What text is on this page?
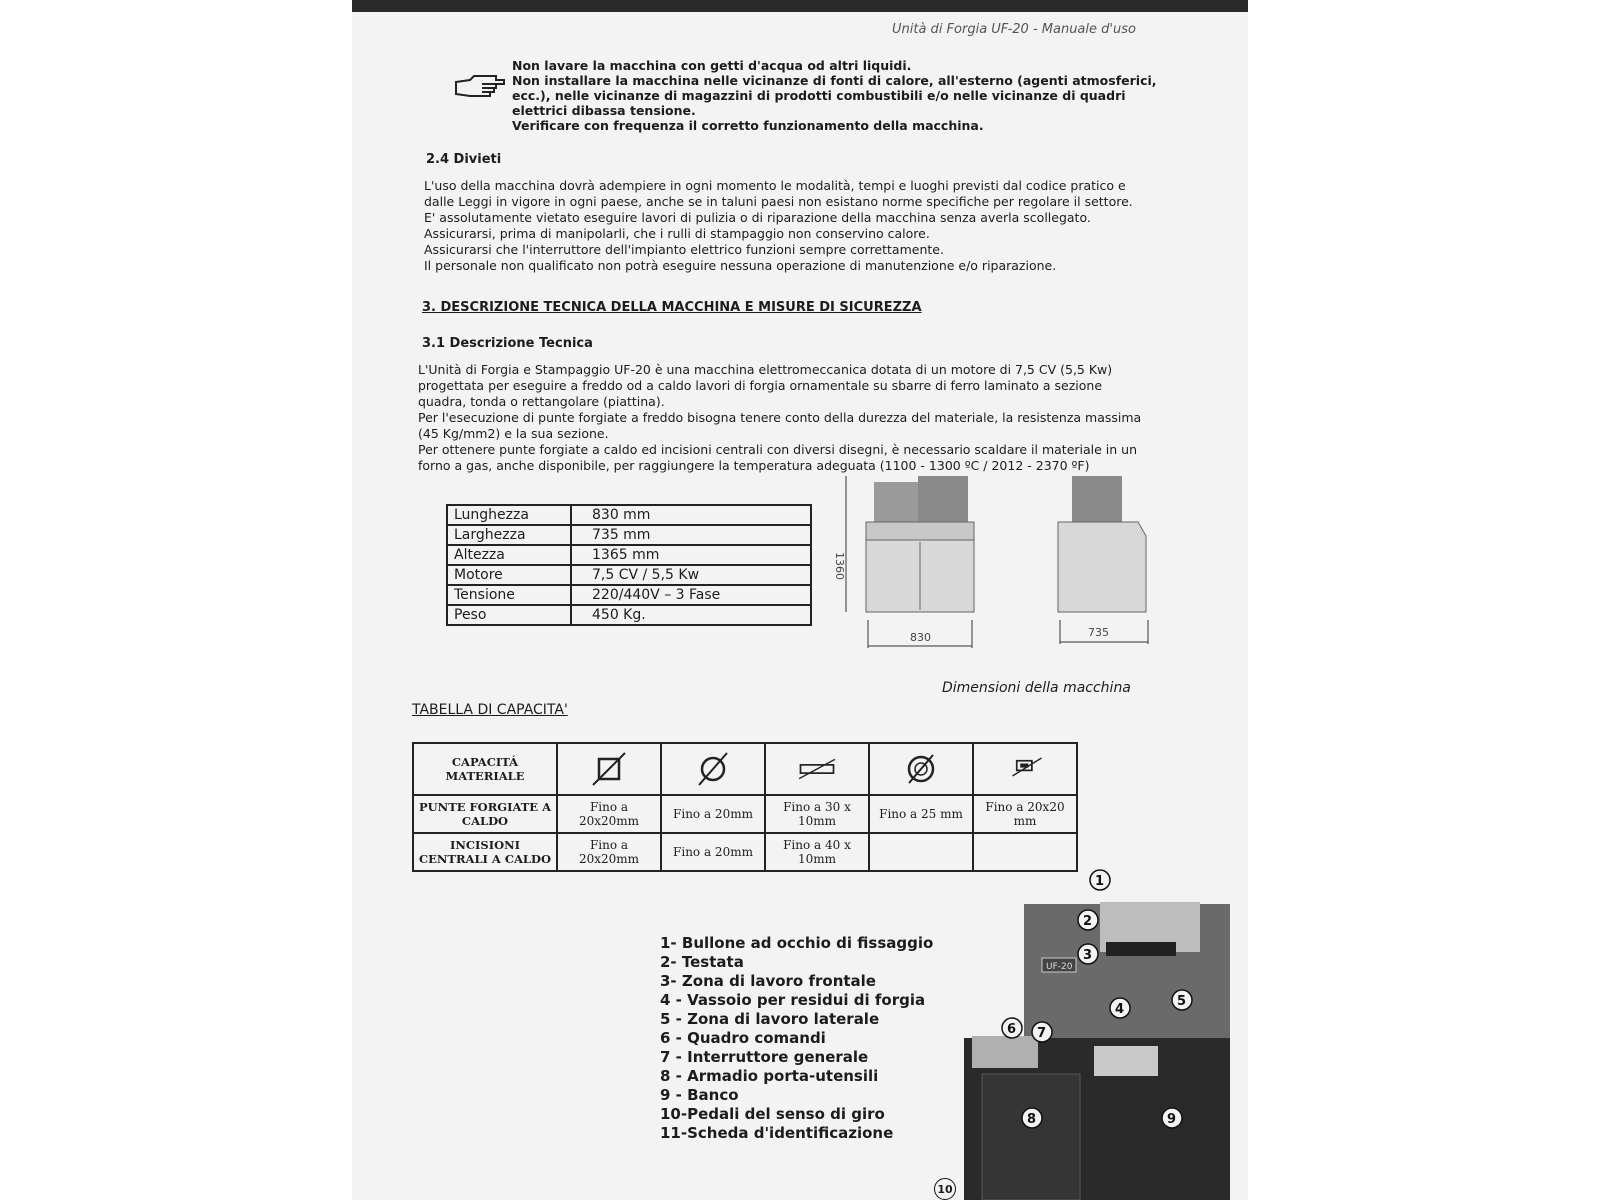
Unità di Forgia UF-20 - Manuale d'uso
Non lavare la macchina con getti d'acqua od altri liquidi.
Non installare la macchina nelle vicinanze di fonti di calore, all'esterno (agenti atmosferici,
ecc.), nelle vicinanze di magazzini di prodotti combustibili e/o nelle vicinanze di quadri
elettrici dibassa tensione.
Verificare con frequenza il corretto funzionamento della macchina.
2.4 Divieti
L'uso della macchina dovrà adempiere in ogni momento le modalità, tempi e luoghi previsti dal codice pratico e
dalle Leggi in vigore in ogni paese, anche se in taluni paesi non esistano norme specifiche per regolare il settore.
E' assolutamente vietato eseguire lavori di pulizia o di riparazione della macchina senza averla scollegato.
Assicurarsi, prima di manipolarli, che i rulli di stampaggio non conservino calore.
Assicurarsi che l'interruttore dell'impianto elettrico funzioni sempre correttamente.
Il personale non qualificato non potrà eseguire nessuna operazione di manutenzione e/o riparazione.
3. DESCRIZIONE TECNICA DELLA MACCHINA E MISURE DI SICUREZZA
3.1 Descrizione Tecnica
L'Unità di Forgia e Stampaggio UF-20 è una macchina elettromeccanica dotata di un motore di 7,5 CV (5,5 Kw)
progettata per eseguire a freddo od a caldo lavori di forgia ornamentale su sbarre di ferro laminato a sezione
quadra, tonda o rettangolare (piattina).
Per l'esecuzione di punte forgiate a freddo bisogna tenere conto della durezza del materiale, la resistenza massima
(45 Kg/mm2) e la sua sezione.
Per ottenere punte forgiate a caldo ed incisioni centrali con diversi disegni, è necessario scaldare il materiale in un
forno a gas, anche disponibile, per raggiungere la temperatura adeguata (1100 - 1300 ºC / 2012 - 2370 ºF)
Lunghezza	830 mm
Larghezza	735 mm
Altezza	1365 mm
Motore	7,5 CV / 5,5 Kw
Tensione	220/440V – 3 Fase
Peso	450 Kg.
1360
830	735
Dimensioni della macchina
TABELLA DI CAPACITA'
CAPACITÁ MATERIALE	

PUNTE FORGIATE A CALDO	Fino a 20x20mm	Fino a 20mm	Fino a 30 x 10mm	Fino a 25 mm	Fino a 20x20 mm
INCISIONI CENTRALI A CALDO	Fino a 20x20mm	Fino a 20mm	Fino a 40 x 10mm		
1- Bullone ad occhio di fissaggio
2- Testata
3- Zona di lavoro frontale
4 - Vassoio per residui di forgia
5 - Zona di lavoro laterale
6 - Quadro comandi
7 - Interruttore generale
8 - Armadio porta-utensili
9 - Banco
10-Pedali del senso di giro
11-Scheda d'identificazione
UF-20
1
2
3
4
5
6 7
8	9
10
